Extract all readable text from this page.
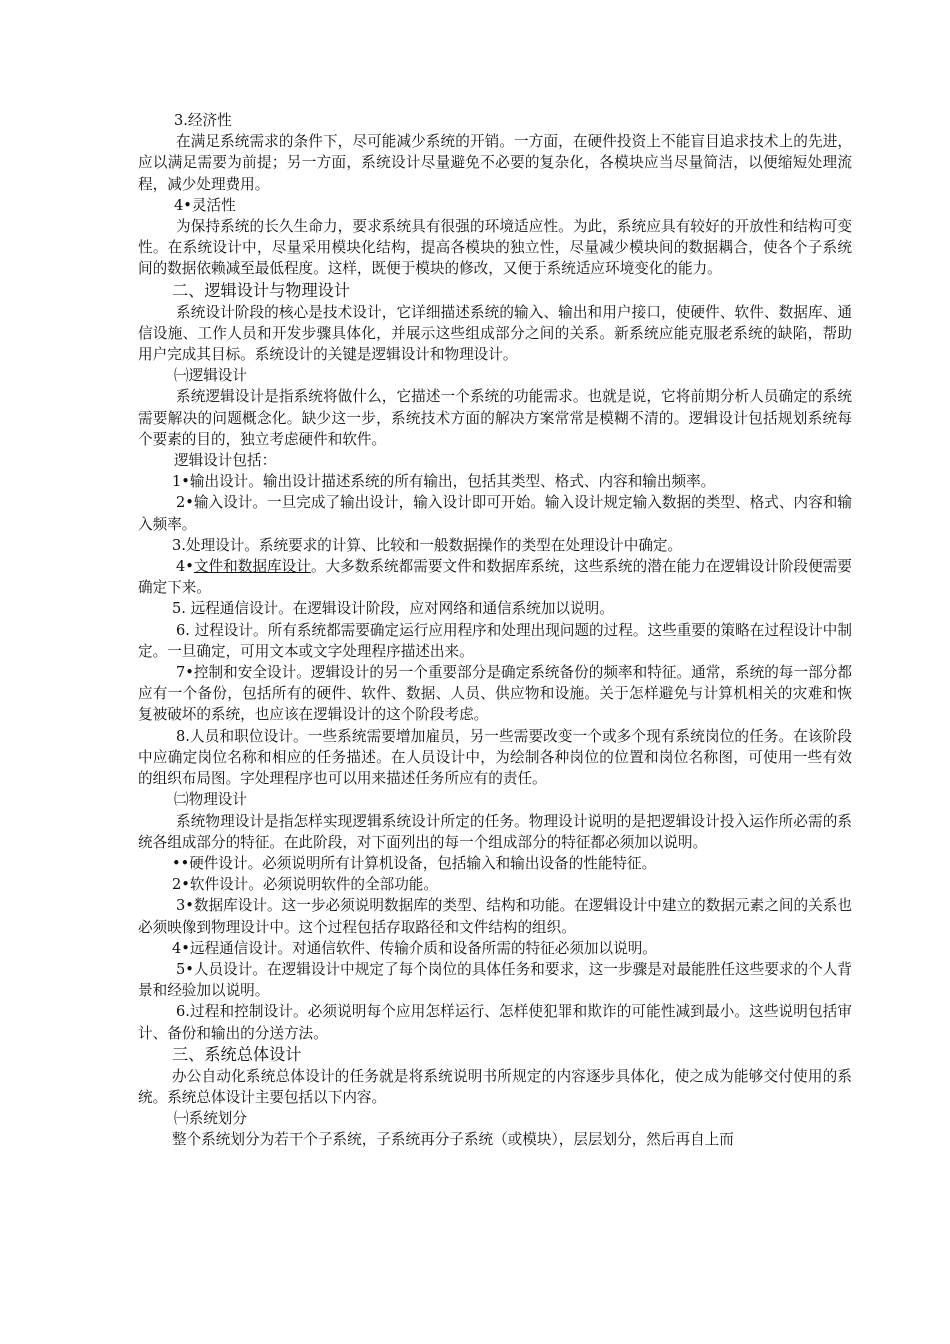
3.经济性

在满足系统需求的条件下，尽可能减少系统的开销。一方面，在硬件投资上不能盲目追求技术上的先进，应以满足需要为前提；另一方面，系统设计尽量避免不必要的复杂化，各模块应当尽量简洁，以便缩短处理流程，减少处理费用。

4•灵活性

为保持系统的长久生命力，要求系统具有很强的环境适应性。为此，系统应具有较好的开放性和结构可变性。在系统设计中，尽量采用模块化结构，提高各模块的独立性，尽量减少模块间的数据耦合，使各个子系统间的数据依赖减至最低程度。这样，既便于模块的修改，又便于系统适应环境变化的能力。

二、逻辑设计与物理设计

系统设计阶段的核心是技术设计，它详细描述系统的输入、输出和用户接口，使硬件、软件、数据库、通信设施、工作人员和开发步骤具体化，并展示这些组成部分之间的关系。新系统应能克服老系统的缺陷，帮助用户完成其目标。系统设计的关键是逻辑设计和物理设计。

㈠逻辑设计

系统逻辑设计是指系统将做什么，它描述一个系统的功能需求。也就是说，它将前期分析人员确定的系统需要解决的问题概念化。缺少这一步，系统技术方面的解决方案常常是模糊不清的。逻辑设计包括规划系统每个要素的目的，独立考虑硬件和软件。

逻辑设计包括：

1•输出设计。输出设计描述系统的所有输出，包括其类型、格式、内容和输出频率。

2•输入设计。一旦完成了输出设计，输入设计即可开始。输入设计规定输入数据的类型、格式、内容和输入频率。

3.处理设计。系统要求的计算、比较和一般数据操作的类型在处理设计中确定。

4•文件和数据库设计。大多数系统都需要文件和数据库系统，这些系统的潜在能力在逻辑设计阶段便需要确定下来。

5. 远程通信设计。在逻辑设计阶段，应对网络和通信系统加以说明。

6. 过程设计。所有系统都需要确定运行应用程序和处理出现问题的过程。这些重要的策略在过程设计中制定。一旦确定，可用文本或文字处理程序描述出来。

7•控制和安全设计。逻辑设计的另一个重要部分是确定系统备份的频率和特征。通常，系统的每一部分都应有一个备份，包括所有的硬件、软件、数据、人员、供应物和设施。关于怎样避免与计算机相关的灾难和恢复被破坏的系统，也应该在逻辑设计的这个阶段考虑。

8.人员和职位设计。一些系统需要增加雇员，另一些需要改变一个或多个现有系统岗位的任务。在该阶段中应确定岗位名称和相应的任务描述。在人员设计中，为绘制各种岗位的位置和岗位名称图，可使用一些有效的组织布局图。字处理程序也可以用来描述任务所应有的责任。

㈡物理设计

系统物理设计是指怎样实现逻辑系统设计所定的任务。物理设计说明的是把逻辑设计投入运作所必需的系统各组成部分的特征。在此阶段，对下面列出的每一个组成部分的特征都必须加以说明。

••硬件设计。必须说明所有计算机设备，包括输入和输出设备的性能特征。

2•软件设计。必须说明软件的全部功能。

3•数据库设计。这一步必须说明数据库的类型、结构和功能。在逻辑设计中建立的数据元素之间的关系也必须映像到物理设计中。这个过程包括存取路径和文件结构的组织。

4•远程通信设计。对通信软件、传输介质和设备所需的特征必须加以说明。

5•人员设计。在逻辑设计中规定了每个岗位的具体任务和要求，这一步骤是对最能胜任这些要求的个人背景和经验加以说明。

6.过程和控制设计。必须说明每个应用怎样运行、怎样使犯罪和欺诈的可能性减到最小。这些说明包括审计、备份和输出的分送方法。

三、系统总体设计

办公自动化系统总体设计的任务就是将系统说明书所规定的内容逐步具体化，使之成为能够交付使用的系统。系统总体设计主要包括以下内容。

㈠系统划分

整个系统划分为若干个子系统，子系统再分子系统（或模块），层层划分，然后再自上而
